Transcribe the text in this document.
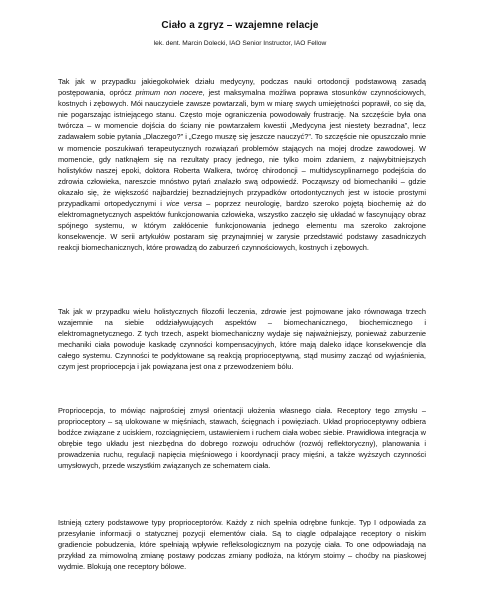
Ciało a zgryz – wzajemne relacje
lek. dent. Marcin Dolecki, IAO Senior Instructor, IAO Fellow
Tak jak w przypadku jakiegokolwiek działu medycyny, podczas nauki ortodoncji podstawową zasadą postępowania, oprócz primum non nocere, jest maksymalna możliwa poprawa stosunków czynnościowych, kostnych i zębowych. Mói nauczyciele zawsze powtarzali, bym w miarę swych umiejętności poprawił, co się da, nie pogarszając istniejącego stanu. Często moje ograniczenia powodowały frustrację. Na szczęście była ona twórcza – w momencie dojścia do ściany nie powtarzałem kwestii „Medycyna jest niestety bezradna”, lecz zadawałem sobie pytania „Dlaczego?” i „Czego muszę się jeszcze nauczyć?”. To szczęście nie opuszczało mnie w momencie poszukiwań terapeutycznych rozwiązań problemów stających na mojej drodze zawodowej. W momencie, gdy natknąłem się na rezultaty pracy jednego, nie tylko moim zdaniem, z najwybitniejszych holistyków naszej epoki, doktora Roberta Walkera, twórcę chirodoncji – multidyscyplinarnego podejścia do zdrowia człowieka, nareszcie mnóstwo pytań znalazło swą odpowiedź. Począwszy od biomechaniki – gdzie okazało się, że większość najbardziej beznadziejnych przypadków ortodontycznych jest w istocie prostymi przypadkami ortopedycznymi i vice versa – poprzez neurologię, bardzo szeroko pojętą biochemię aż do elektromagnetycznych aspektów funkcjonowania człowieka, wszystko zaczęło się układać w fascynujący obraz spójnego systemu, w którym zakłócenie funkcjonowania jednego elementu ma szeroko zakrojone konsekwencje. W serii artykułów postaram się przynajmniej w zarysie przedstawić podstawy zasadniczych reakcji biomechanicznych, które prowadzą do zaburzeń czynnościowych, kostnych i zębowych.
Tak jak w przypadku wielu holistycznych filozofii leczenia, zdrowie jest pojmowane jako równowaga trzech wzajemnie na siebie oddziaływujących aspektów – biomechanicznego, biochemicznego i elektromagnetycznego. Z tych trzech, aspekt biomechaniczny wydaje się najważniejszy, ponieważ zaburzenie mechaniki ciała powoduje kaskadę czynności kompensacyjnych, które mają daleko idące konsekwencje dla całego systemu. Czynności te podyktowane są reakcją proprioceptywną, stąd musimy zacząć od wyjaśnienia, czym jest propriocepcja i jak powiązana jest ona z przewodzeniem bólu.
Propriocepcja, to mówiąc najprościej zmysł orientacji ułożenia własnego ciała. Receptory tego zmysłu – proprioceptory – są ulokowane w mięśniach, stawach, ścięgnach i powięziach. Układ proprioceptywny odbiera bodźce związane z uciskiem, rozciągnięciem, ustawieniem i ruchem ciała wobec siebie. Prawidłowa integracja w obrębie tego układu jest niezbędna do dobrego rozwoju odruchów (rozwój reflektoryczny), planowania i prowadzenia ruchu, regulacji napięcia mięśniowego i koordynacji pracy mięśni, a także wyższych czynności umysłowych, przede wszystkim związanych ze schematem ciała.
Istnieją cztery podstawowe typy proprioceptorów. Każdy z nich spełnia odrębne funkcje. Typ I odpowiada za przesyłanie informacji o statycznej pozycji elementów ciała. Są to ciągle odpalające receptory o niskim gradiencie pobudzenia, które spełniają wpływie refleksologicznym na pozycję ciała. To one odpowiadają na przykład za mimowolną zmianę postawy podczas zmiany podłoża, na którym stoimy – choćby na piaskowej wydmie. Blokują one receptory bólowe.
